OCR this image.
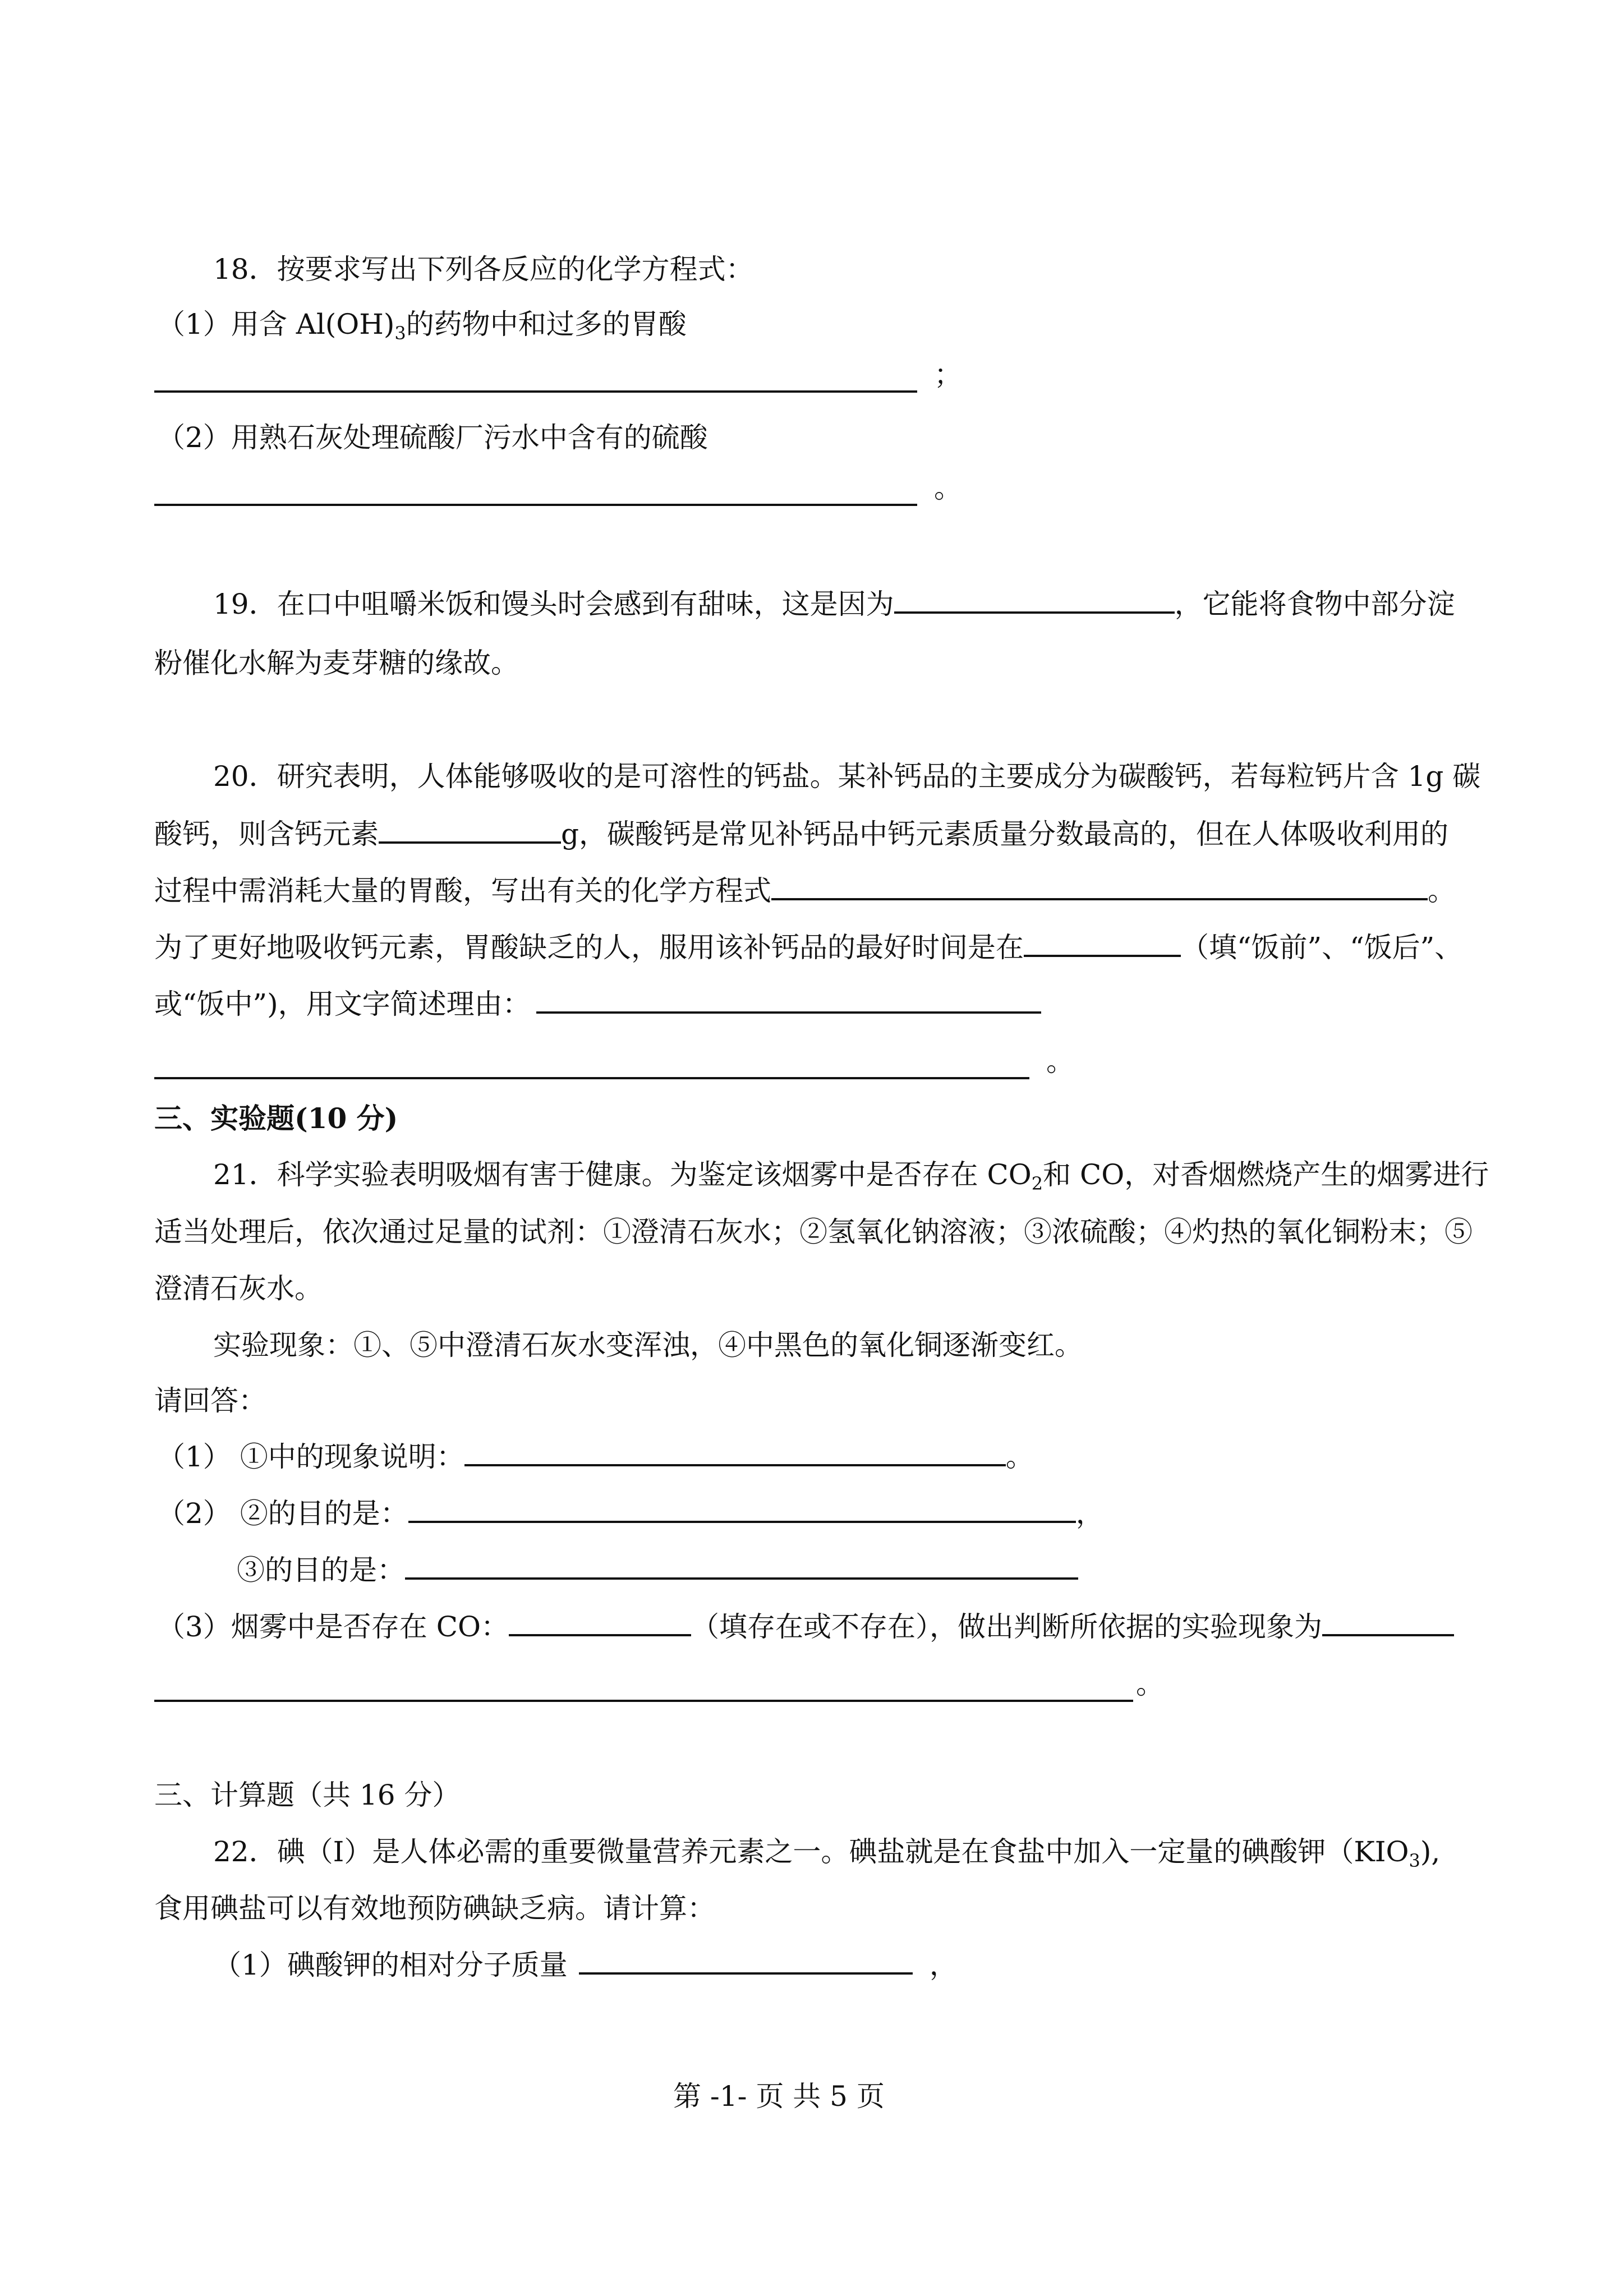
18．按要求写出下列各反应的化学方程式：
（1）用含 $Al(OH)_3$的药物中和过多的胃酸
；
（2）用熟石灰处理硫酸厂污水中含有的硫酸
。
19．在口中咀嚼米饭和馒头时会感到有甜味，这是因为	，它能将食物中部分淀
粉催化水解为麦芽糖的缘故。
20．研究表明，人体能够吸收的是可溶性的钙盐。某补钙品的主要成分为碳酸钙，若每粒钙片含 1g 碳
酸钙，则含钙元素	g，碳酸钙是常见补钙品中钙元素质量分数最高的，但在人体吸收利用的
过程中需消耗大量的胃酸，写出有关的化学方程式	。
为了更好地吸收钙元素，胃酸缺乏的人，服用该补钙品的最好时间是在	（填“饭前”、“饭后”、
或“饭中”)，用文字简述理由：
。
三、实验题(10 分)
21．科学实验表明吸烟有害于健康。为鉴定该烟雾中是否存在 $CO_2$和 CO，对香烟燃烧产生的烟雾进行
适当处理后，依次通过足量的试剂：①澄清石灰水；②氢氧化钠溶液；③浓硫酸；④灼热的氧化铜粉末；⑤
澄清石灰水。
实验现象：①、⑤中澄清石灰水变浑浊，④中黑色的氧化铜逐渐变红。
请回答：
（1） ①中的现象说明：	。
（2） ②的目的是：	，
③的目的是：
（3）烟雾中是否存在 CO：	（填存在或不存在），做出判断所依据的实验现象为
。
三、计算题（共 16 分）
22．碘（I）是人体必需的重要微量营养元素之一。碘盐就是在食盐中加入一定量的碘酸钾$(KIO_3)$,
食用碘盐可以有效地预防碘缺乏病。请计算：
（1）碘酸钾的相对分子质量	，
第 -1- 页 共 5 页
